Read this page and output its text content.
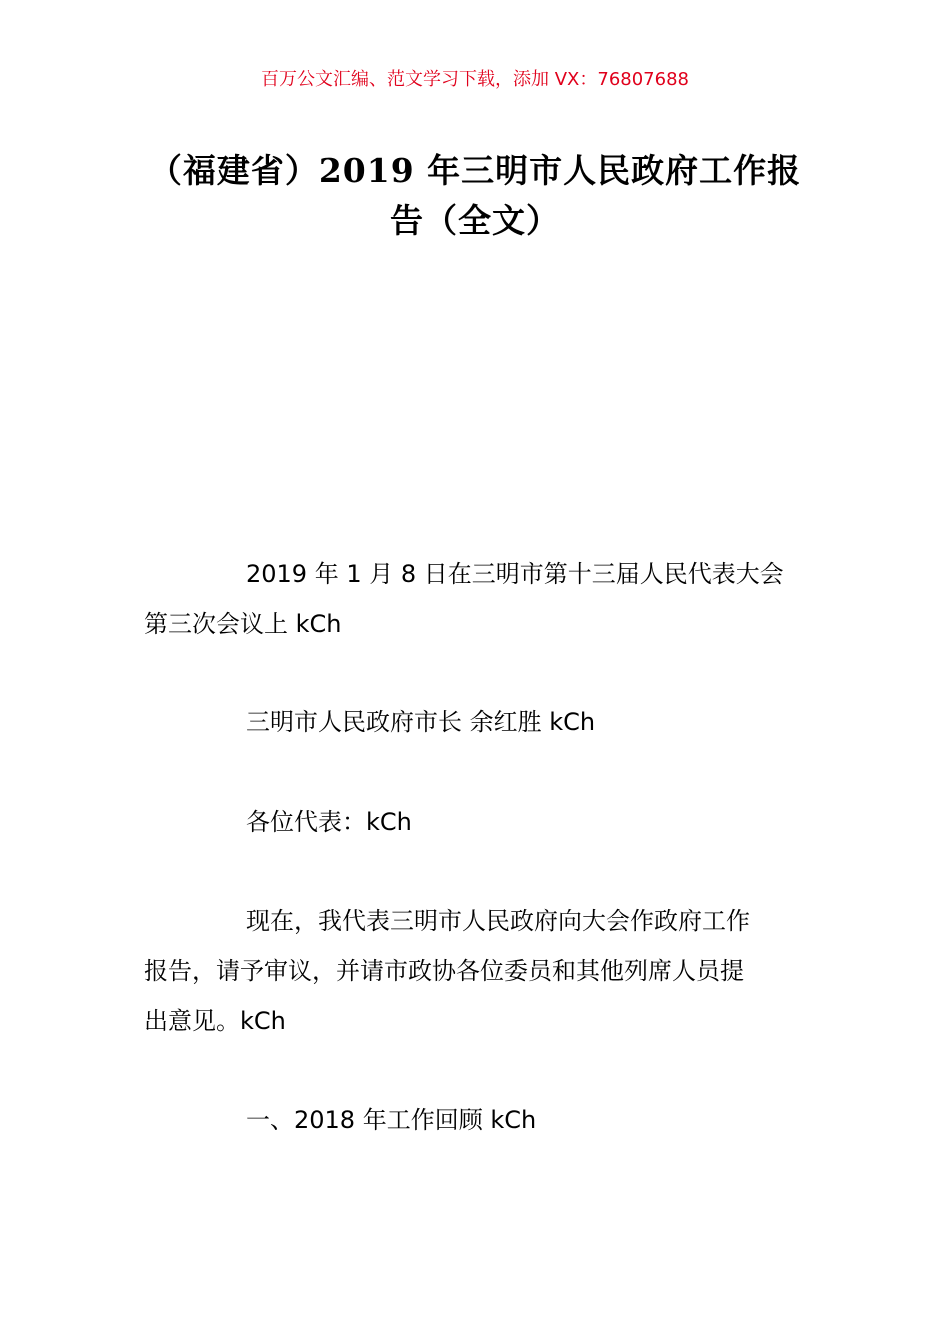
百万公文汇编、范文学习下载，添加 VX：76807688
（福建省）2019 年三明市人民政府工作报
告（全文）
2019 年 1 月 8 日在三明市第十三届人民代表大会
第三次会议上 kCh
三明市人民政府市长 余红胜 kCh
各位代表：kCh
现在，我代表三明市人民政府向大会作政府工作
报告，请予审议，并请市政协各位委员和其他列席人员提
出意见。kCh
一、2018 年工作回顾 kCh
